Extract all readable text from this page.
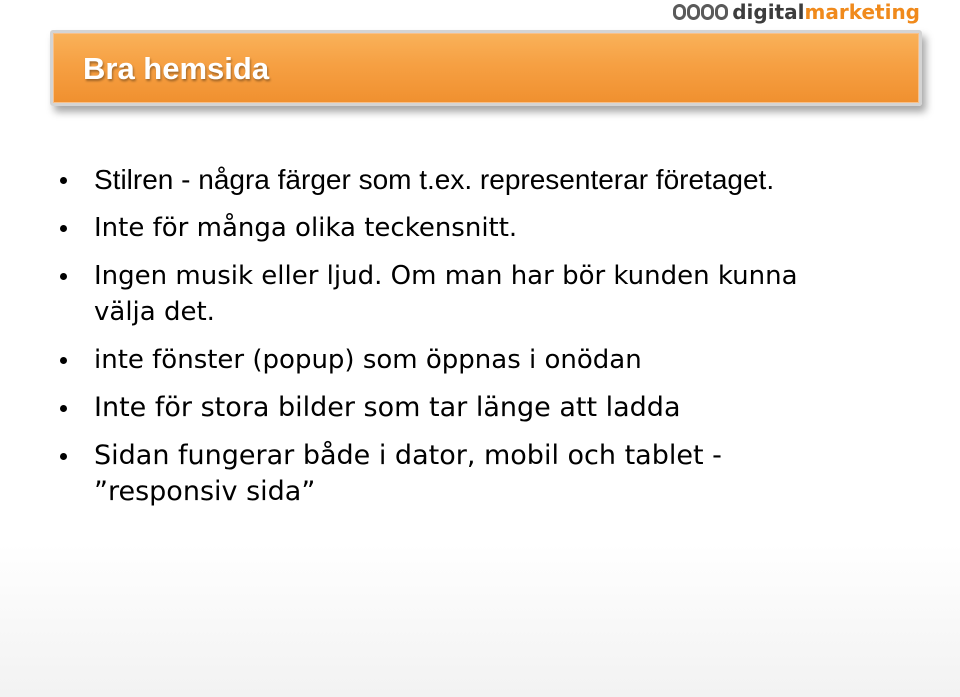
digital marketing
Bra hemsida
Stilren - några färger som t.ex. representerar företaget.
Inte för många olika teckensnitt.
Ingen musik eller ljud. Om man har bör kunden kunna välja det.
inte fönster (popup) som öppnas i onödan
Inte för stora bilder som tar länge att ladda
Sidan fungerar både i dator, mobil och tablet - ”responsiv sida”
